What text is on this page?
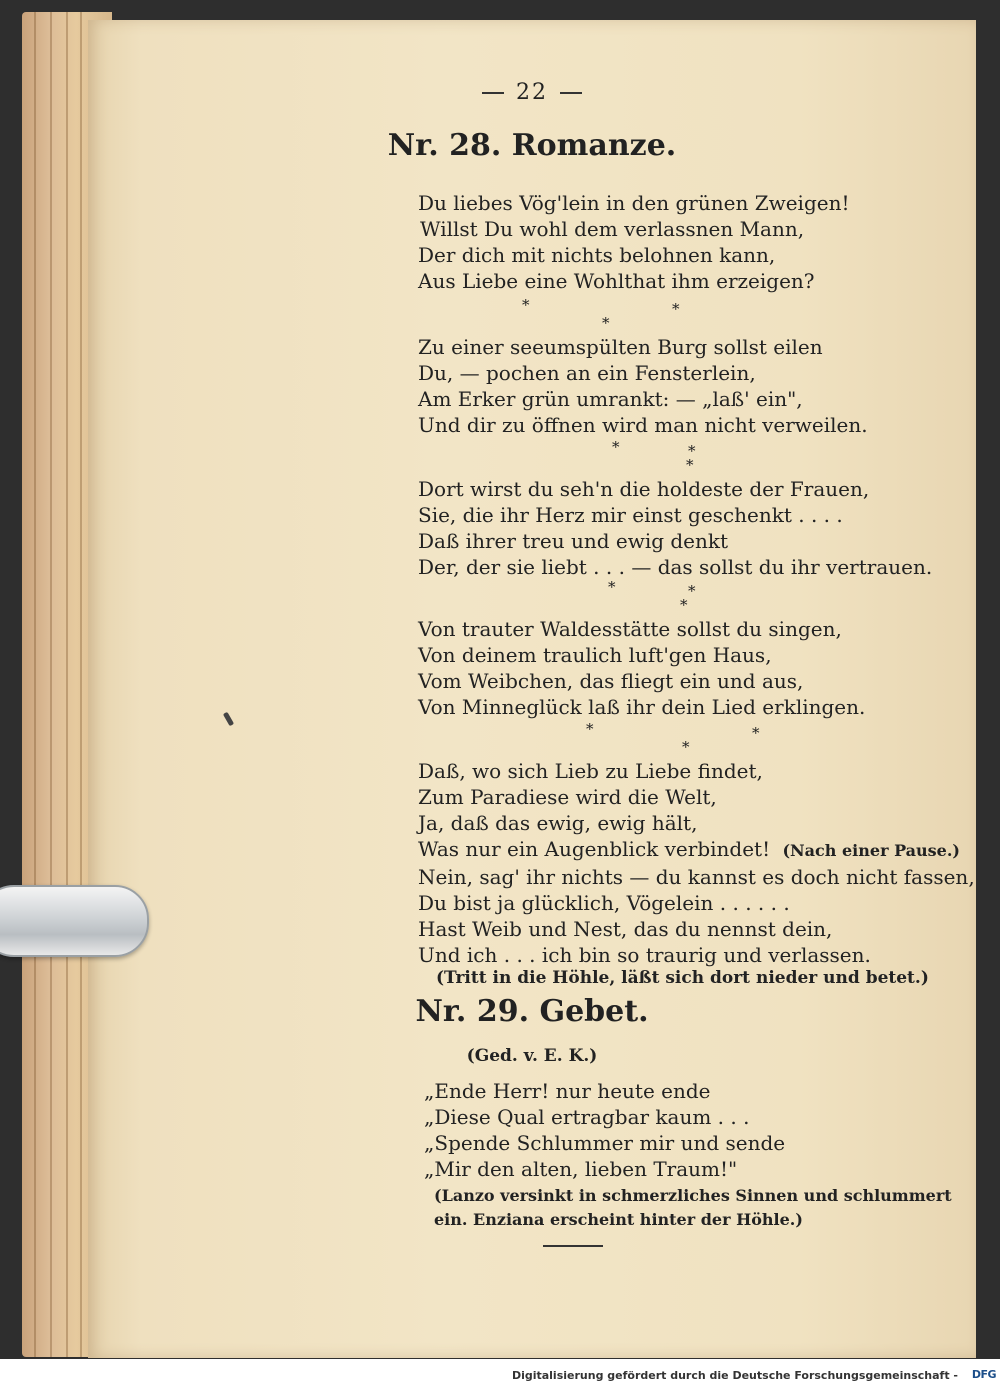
22
Nr. 28. Romanze.
Du liebes Vög'lein in den grünen Zweigen!
Willst Du wohl dem verlassnen Mann,
Der dich mit nichts belohnen kann,
Aus Liebe eine Wohlthat ihm erzeigen?
*
*
*
Zu einer seeumspülten Burg sollst eilen
Du, — pochen an ein Fensterlein,
Am Erker grün umrankt: — „laß' ein",
Und dir zu öffnen wird man nicht verweilen.
*	*
*
Dort wirst du seh'n die holdeste der Frauen,
Sie, die ihr Herz mir einst geschenkt . . . .
Daß ihrer treu und ewig denkt
Der, der sie liebt . . . — das sollst du ihr vertrauen.
*
*
*
Von trauter Waldesstätte sollst du singen,
Von deinem traulich luft'gen Haus,
Vom Weibchen, das fliegt ein und aus,
Von Minneglück laß ihr dein Lied erklingen.
*
*
*
Daß, wo sich Lieb zu Liebe findet,
Zum Paradiese wird die Welt,
Ja, daß das ewig, ewig hält,
Was nur ein Augenblick verbindet! (Nach einer Pause.)
Nein, sag' ihr nichts — du kannst es doch nicht fassen,
Du bist ja glücklich, Vögelein . . . . . .
Hast Weib und Nest, das du nennst dein,
Und ich . . . ich bin so traurig und verlassen.
(Tritt in die Höhle, läßt sich dort nieder und betet.)
Nr. 29. Gebet.
(Ged. v. E. K.)
„Ende Herr! nur heute ende
„Diese Qual ertragbar kaum . . .
„Spende Schlummer mir und sende
„Mir den alten, lieben Traum!"
(Lanzo versinkt in schmerzliches Sinnen und schlummert
ein. Enziana erscheint hinter der Höhle.)
Digitalisierung gefördert durch die Deutsche Forschungsgemeinschaft - DFG
